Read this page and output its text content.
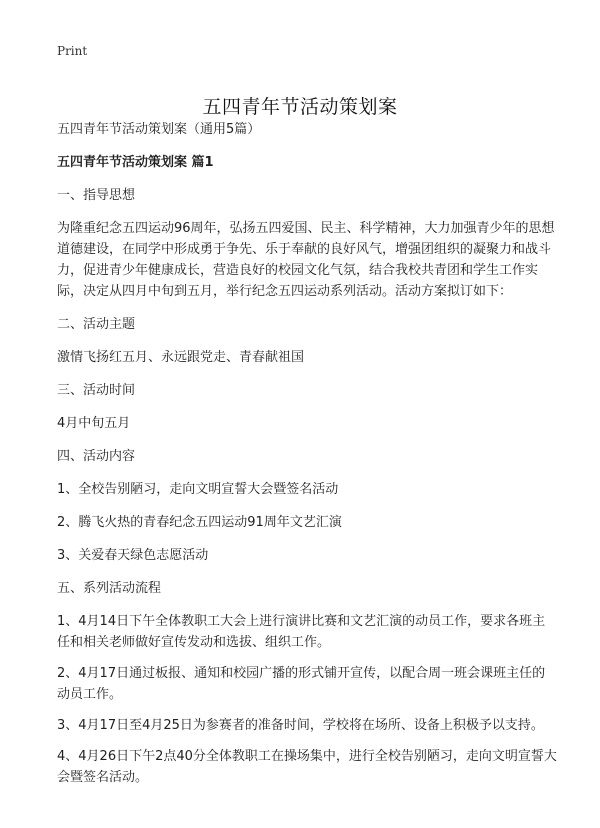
Print
五四青年节活动策划案

五四青年节活动策划案（通用5篇）

五四青年节活动策划案 篇1

一、指导思想

为隆重纪念五四运动96周年，弘扬五四爱国、民主、科学精神，大力加强青少年的思想道德建设，在同学中形成勇于争先、乐于奉献的良好风气，增强团组织的凝聚力和战斗力，促进青少年健康成长，营造良好的校园文化气氛，结合我校共青团和学生工作实际，决定从四月中旬到五月，举行纪念五四运动系列活动。活动方案拟订如下：

二、活动主题

激情飞扬红五月、永远跟党走、青春献祖国

三、活动时间

4月中旬五月

四、活动内容

1、全校告别陋习，走向文明宣誓大会暨签名活动

2、腾飞火热的青春纪念五四运动91周年文艺汇演

3、关爱春天绿色志愿活动

五、系列活动流程

1、4月14日下午全体教职工大会上进行演讲比赛和文艺汇演的动员工作，要求各班主任和相关老师做好宣传发动和选拔、组织工作。

2、4月17日通过板报、通知和校园广播的形式铺开宣传，以配合周一班会课班主任的动员工作。

3、4月17日至4月25日为参赛者的准备时间，学校将在场所、设备上积极予以支持。

4、4月26日下午2点40分全体教职工在操场集中，进行全校告别陋习，走向文明宣誓大会暨签名活动。
